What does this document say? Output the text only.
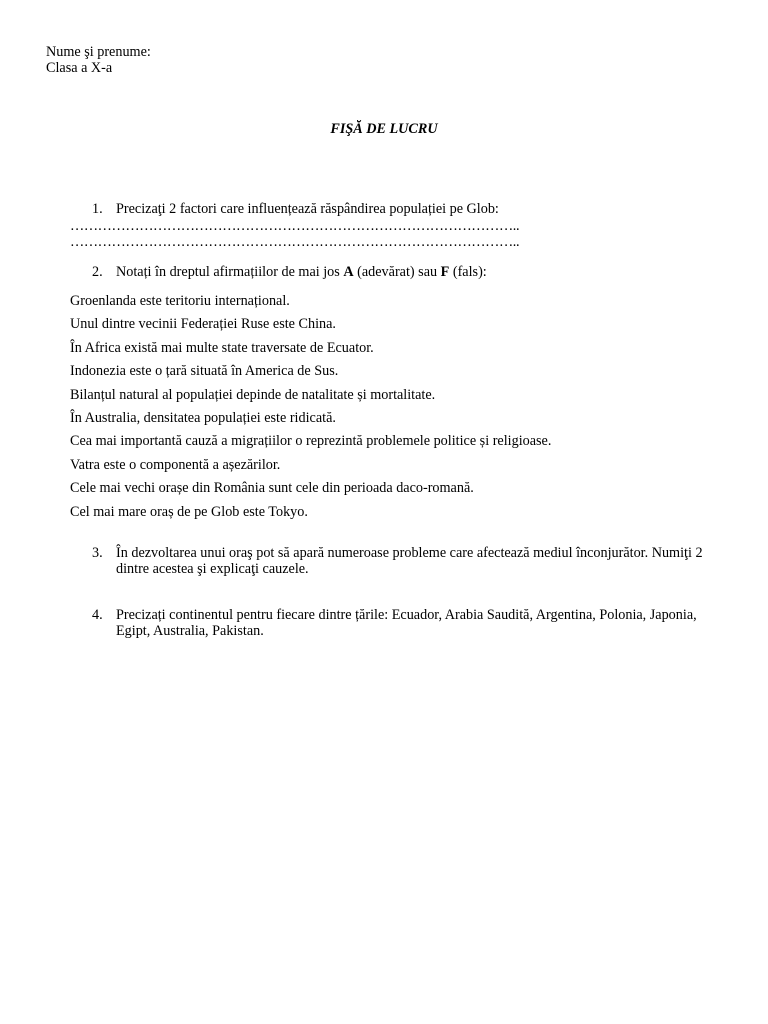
Nume şi prenume:
Clasa a X-a
FIŞĂ DE LUCRU
1. Precizaţi 2 factori care influențează răspândirea populației pe Glob:
……………………………………………………………………………………..
……………………………………………………………………………………..
2. Notați în dreptul afirmațiilor de mai jos A (adevărat) sau F (fals):
Groenlanda este teritoriu internațional.
Unul dintre vecinii Federației Ruse este China.
În Africa există mai multe state traversate de Ecuator.
Indonezia este o țară situată în America de Sus.
Bilanțul natural al populației depinde de natalitate și mortalitate.
În Australia, densitatea populației este ridicată.
Cea mai importantă cauză a migrațiilor o reprezintă problemele politice și religioase.
Vatra este o componentă a așezărilor.
Cele mai vechi orașe din România sunt cele din perioada daco-romană.
Cel mai mare oraș de pe Glob este Tokyo.
3. În dezvoltarea unui oraş pot să apară numeroase probleme care afectează mediul înconjurător. Numiţi 2 dintre acestea şi explicaţi cauzele.
4. Precizați continentul pentru fiecare dintre țările: Ecuador, Arabia Saudită, Argentina, Polonia, Japonia, Egipt, Australia, Pakistan.
